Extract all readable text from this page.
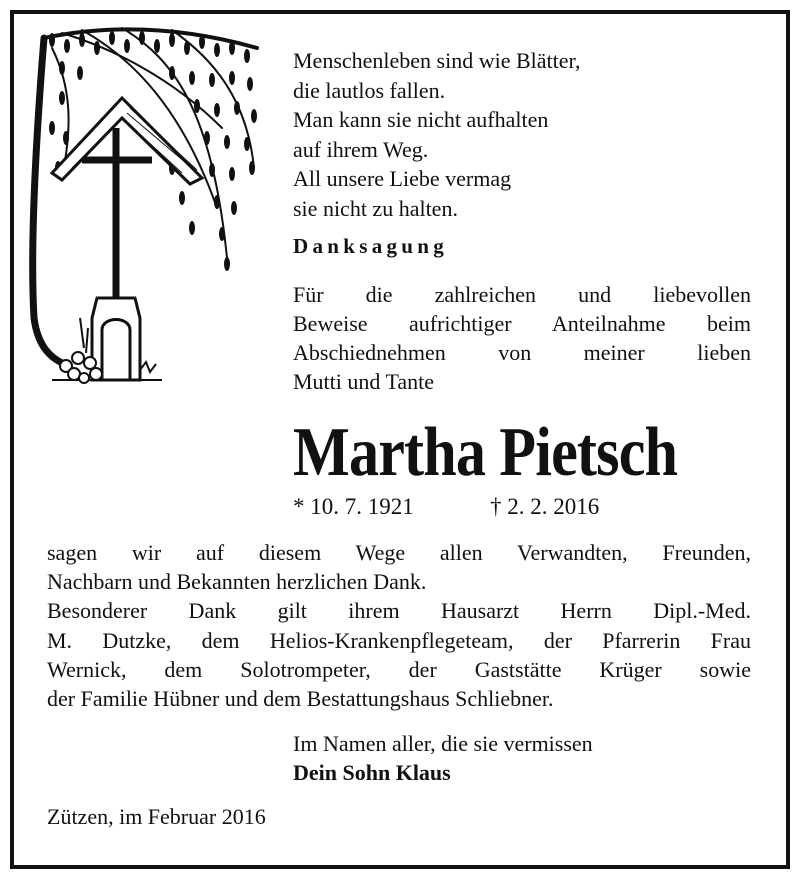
Menschenleben sind wie Blätter,
die lautlos fallen.
Man kann sie nicht aufhalten
auf ihrem Weg.
All unsere Liebe vermag
sie nicht zu halten.
Danksagung
Für die zahlreichen und liebevollen
Beweise aufrichtiger Anteilnahme beim
Abschiednehmen von meiner lieben
Mutti und Tante
Martha Pietsch
* 10. 7. 1921	† 2. 2. 2016
sagen wir auf diesem Wege allen Verwandten, Freunden,
Nachbarn und Bekannten herzlichen Dank.
Besonderer Dank gilt ihrem Hausarzt Herrn Dipl.-Med.
M. Dutzke, dem Helios-Krankenpflegeteam, der Pfarrerin Frau
Wernick, dem Solotrompeter, der Gaststätte Krüger sowie
der Familie Hübner und dem Bestattungshaus Schliebner.
Im Namen aller, die sie vermissen
Dein Sohn Klaus
Zützen, im Februar 2016
